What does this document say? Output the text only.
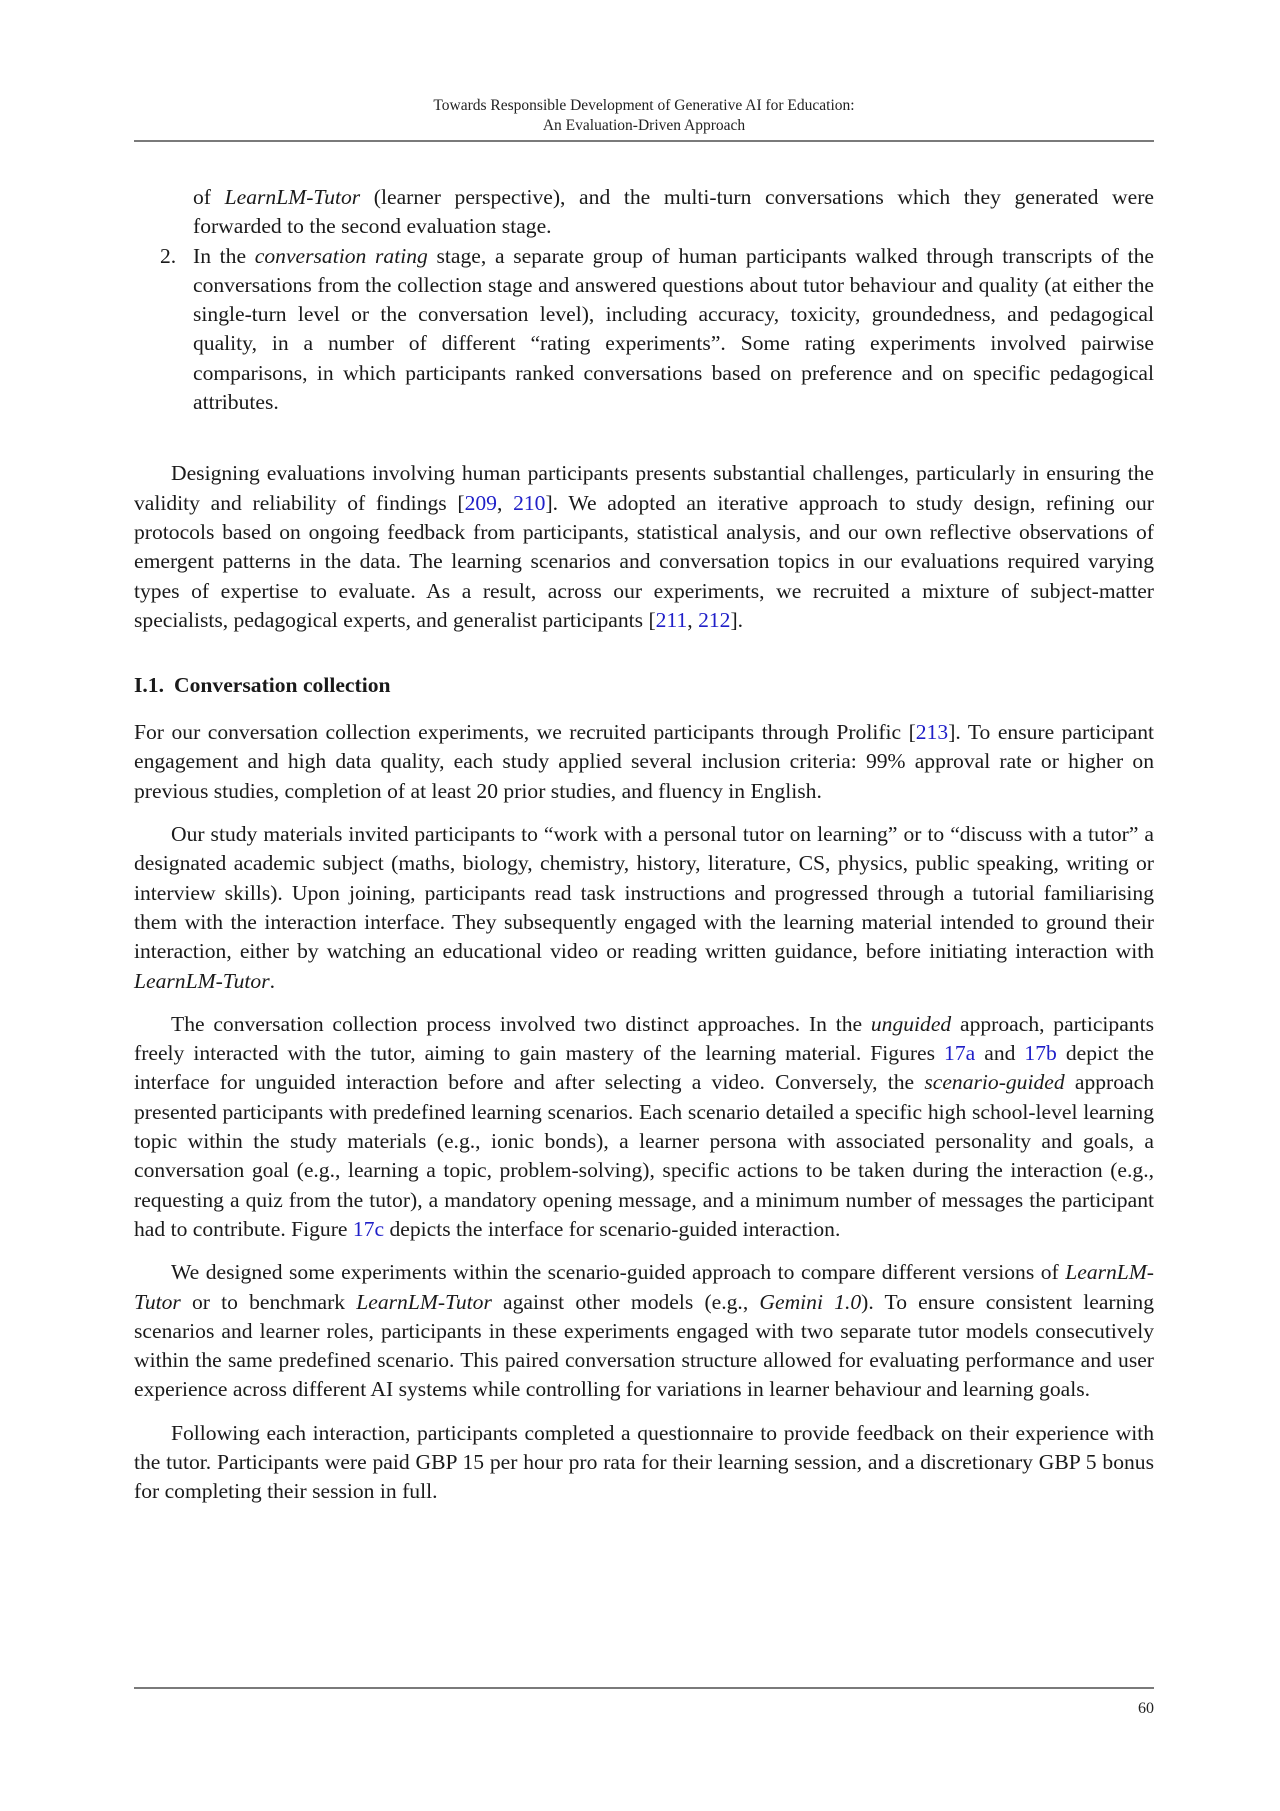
Towards Responsible Development of Generative AI for Education:
An Evaluation-Driven Approach
of LearnLM-Tutor (learner perspective), and the multi-turn conversations which they generated were forwarded to the second evaluation stage.
2. In the conversation rating stage, a separate group of human participants walked through transcripts of the conversations from the collection stage and answered questions about tutor behaviour and quality (at either the single-turn level or the conversation level), including accuracy, toxicity, groundedness, and pedagogical quality, in a number of different “rating experiments”. Some rating experiments involved pairwise comparisons, in which participants ranked conversations based on preference and on specific pedagogical attributes.

Designing evaluations involving human participants presents substantial challenges, particularly in ensuring the validity and reliability of findings [209, 210]. We adopted an iterative approach to study design, refining our protocols based on ongoing feedback from participants, statistical analysis, and our own reflective observations of emergent patterns in the data. The learning scenarios and conversation topics in our evaluations required varying types of expertise to evaluate. As a result, across our experiments, we recruited a mixture of subject-matter specialists, pedagogical experts, and generalist participants [211, 212].

I.1. Conversation collection

For our conversation collection experiments, we recruited participants through Prolific [213]. To ensure participant engagement and high data quality, each study applied several inclusion criteria: 99% approval rate or higher on previous studies, completion of at least 20 prior studies, and fluency in English.

Our study materials invited participants to “work with a personal tutor on learning” or to “discuss with a tutor” a designated academic subject (maths, biology, chemistry, history, literature, CS, physics, public speaking, writing or interview skills). Upon joining, participants read task instructions and progressed through a tutorial familiarising them with the interaction interface. They subsequently engaged with the learning material intended to ground their interaction, either by watching an educational video or reading written guidance, before initiating interaction with LearnLM-Tutor.

The conversation collection process involved two distinct approaches. In the unguided approach, participants freely interacted with the tutor, aiming to gain mastery of the learning material. Figures 17a and 17b depict the interface for unguided interaction before and after selecting a video. Conversely, the scenario-guided approach presented participants with predefined learning scenarios. Each scenario detailed a specific high school-level learning topic within the study materials (e.g., ionic bonds), a learner persona with associated personality and goals, a conversation goal (e.g., learning a topic, problem-solving), specific actions to be taken during the interaction (e.g., requesting a quiz from the tutor), a mandatory opening message, and a minimum number of messages the participant had to contribute. Figure 17c depicts the interface for scenario-guided interaction.

We designed some experiments within the scenario-guided approach to compare different versions of LearnLM-Tutor or to benchmark LearnLM-Tutor against other models (e.g., Gemini 1.0). To ensure consistent learning scenarios and learner roles, participants in these experiments engaged with two separate tutor models consecutively within the same predefined scenario. This paired conversation structure allowed for evaluating performance and user experience across different AI systems while controlling for variations in learner behaviour and learning goals.

Following each interaction, participants completed a questionnaire to provide feedback on their experience with the tutor. Participants were paid GBP 15 per hour pro rata for their learning session, and a discretionary GBP 5 bonus for completing their session in full.

60
